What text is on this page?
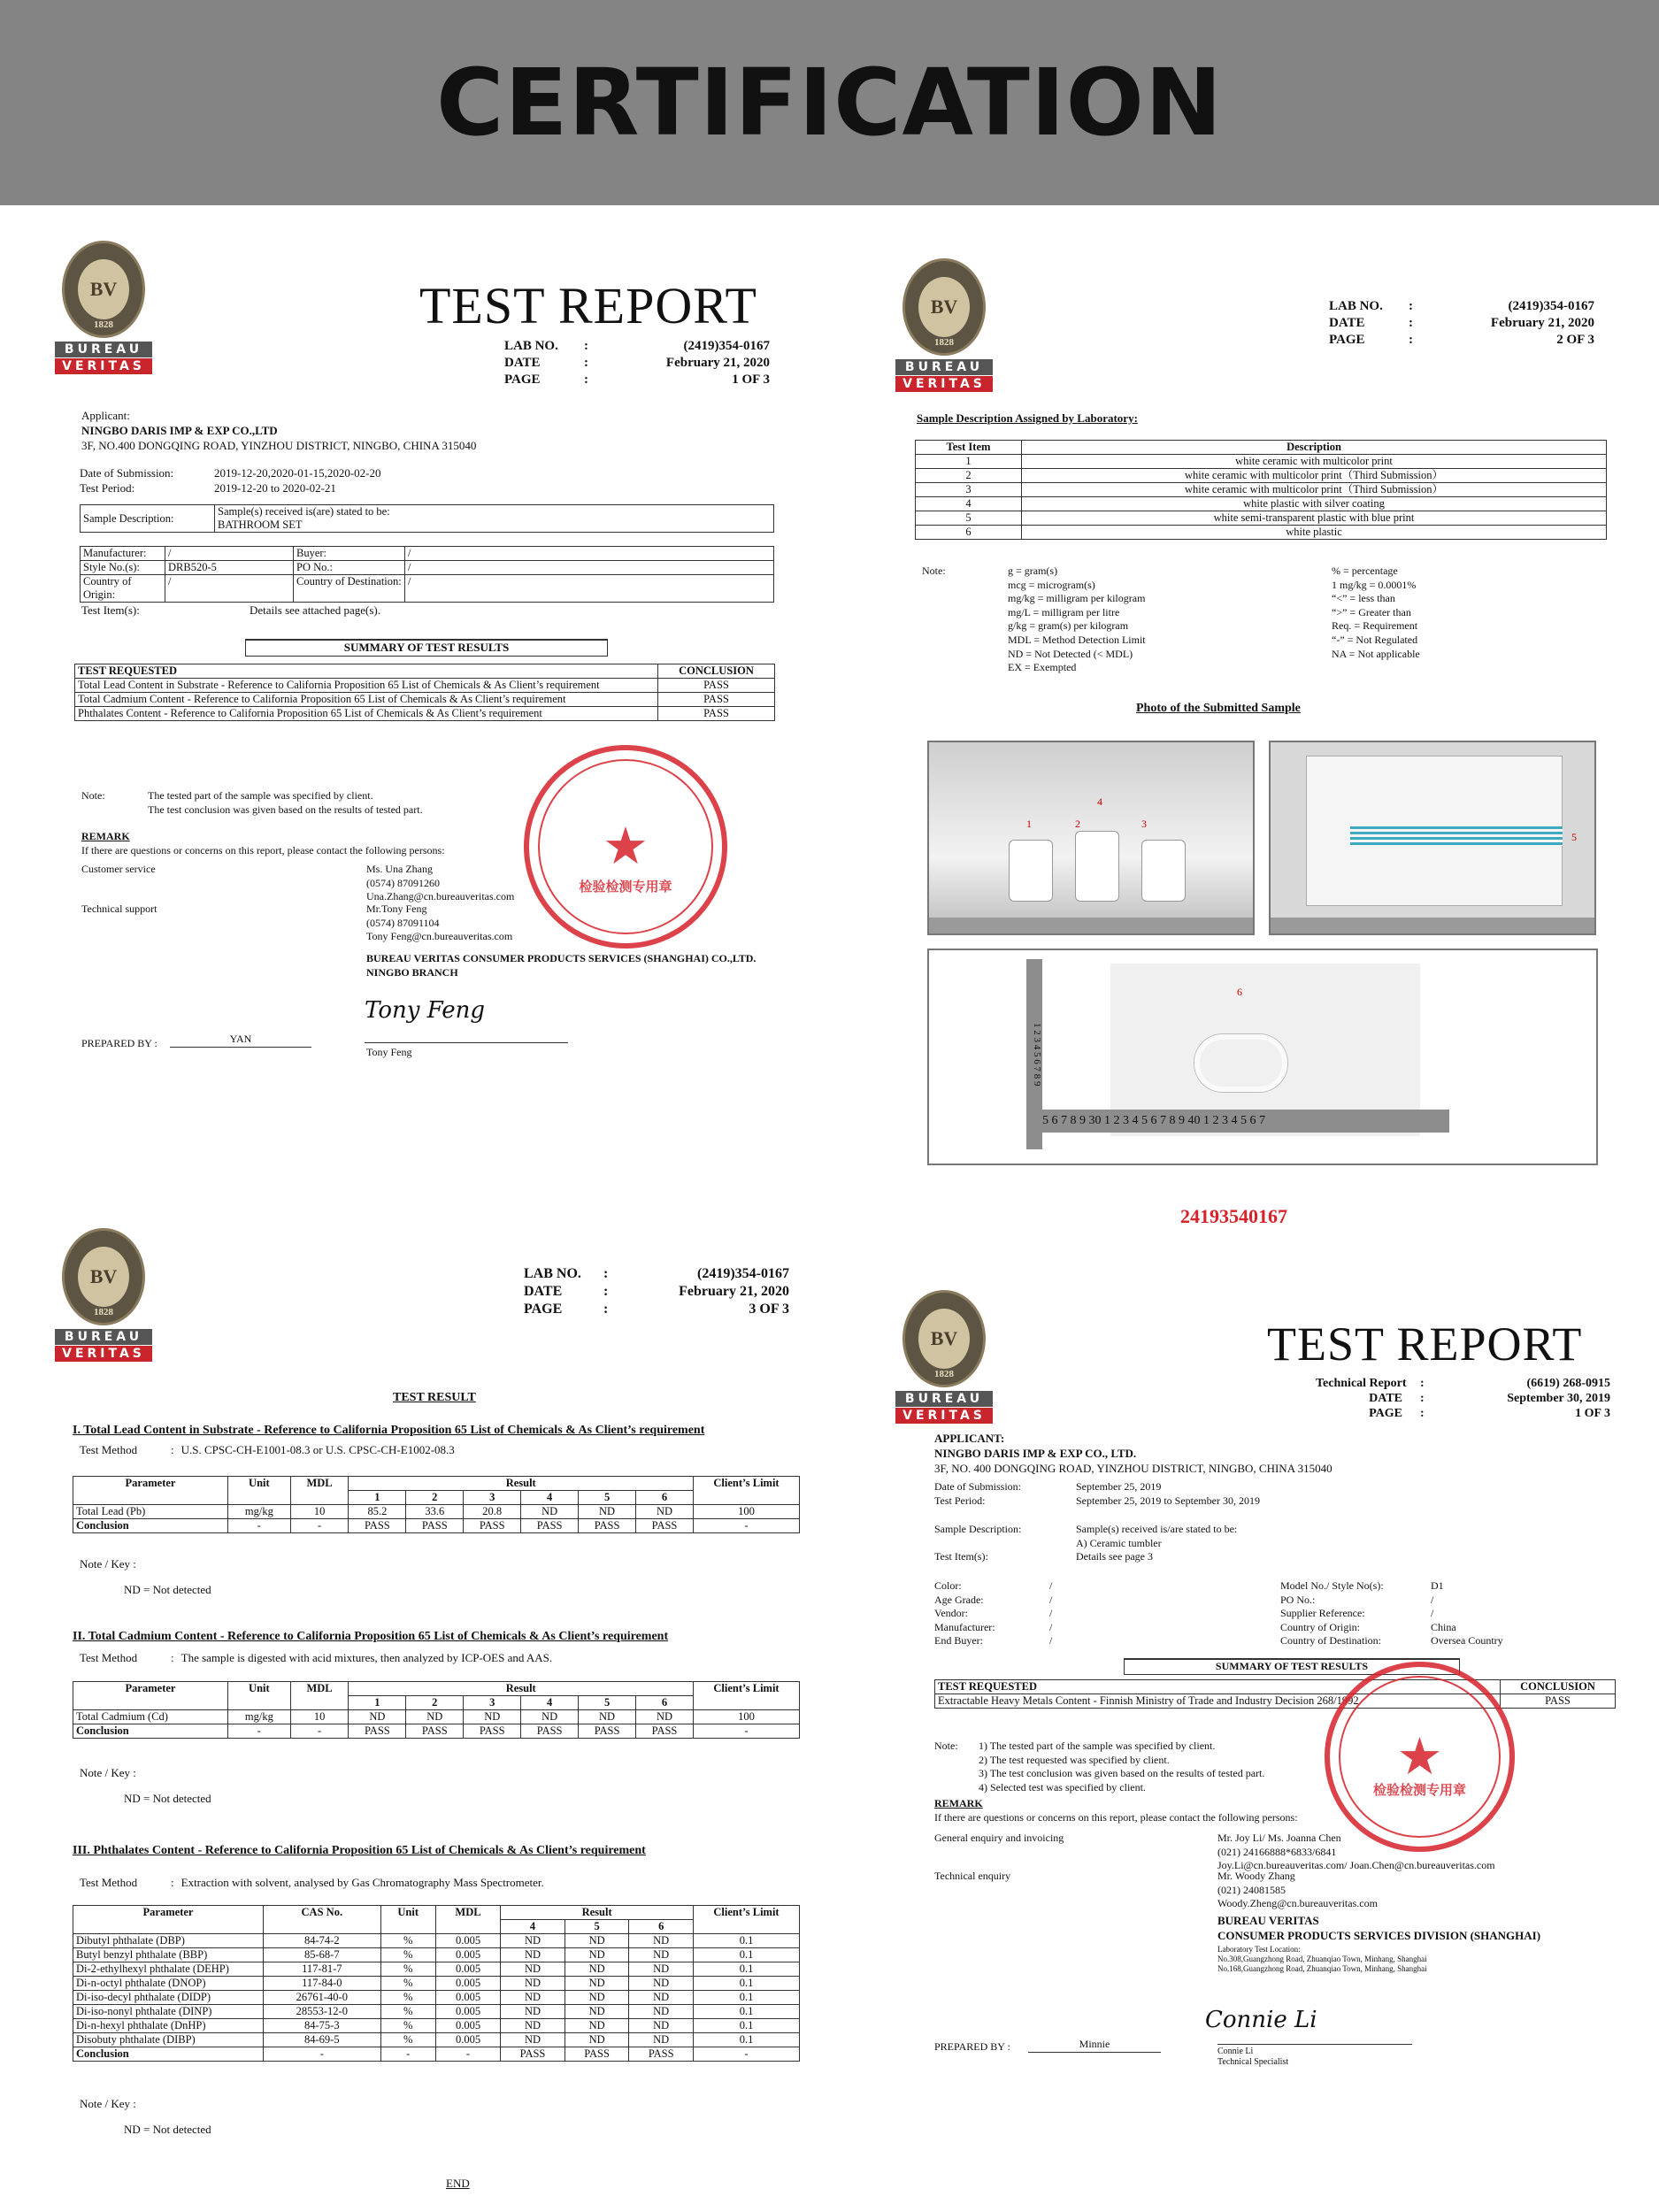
CERTIFICATION
BV
1828
BUREAU
VERITAS
TEST REPORT
LAB NO.	:	(2419)354-0167
DATE	:	February 21, 2020
PAGE	:	1 OF 3
Applicant:
NINGBO DARIS IMP & EXP CO.,LTD
3F, NO.400 DONGQING ROAD, YINZHOU DISTRICT, NINGBO, CHINA 315040
Date of Submission:	2019-12-20,2020-01-15,2020-02-20
Test Period:	2019-12-20 to 2020-02-21
Sample Description:	
Sample(s) received is(are) stated to be:
BATHROOM SET
Manufacturer:	/	Buyer:	/
Style No.(s):	DRB520-5	PO No.:	/
Country of Origin:	/	Country of Destination:	/
Test Item(s):	Details see attached page(s).
SUMMARY OF TEST RESULTS
TEST REQUESTED	CONCLUSION
Total Lead Content in Substrate - Reference to California Proposition 65 List of Chemicals & As Client’s requirement	PASS
Total Cadmium Content - Reference to California Proposition 65 List of Chemicals & As Client’s requirement	PASS
Phthalates Content - Reference to California Proposition 65 List of Chemicals & As Client’s requirement	PASS
Note:	The tested part of the sample was specified by client.
The test conclusion was given based on the results of tested part.
REMARK
If there are questions or concerns on this report, please contact the following persons:
Customer service	Ms. Una Zhang
(0574) 87091260
Una.Zhang@cn.bureauveritas.com
Technical support	Mr.Tony Feng
(0574) 87091104
Tony Feng@cn.bureauveritas.com
BUREAU VERITAS CONSUMER PRODUCTS SERVICES (SHANGHAI) CO.,LTD.
NINGBO BRANCH
Tony Feng
PREPARED BY :	YAN
Tony Feng
★
检验检测专用章
BV
1828
BUREAU
VERITAS
LAB NO.	:	(2419)354-0167
DATE	:	February 21, 2020
PAGE	:	2 OF 3
Sample Description Assigned by Laboratory:
Test Item	Description
1	white ceramic with multicolor print
2	white ceramic with multicolor print（Third Submission）
3	white ceramic with multicolor print（Third Submission）
4	white plastic with silver coating
5	white semi-transparent plastic with blue print
6	white plastic
Note:	g = gram(s)
mcg = microgram(s)
mg/kg = milligram per kilogram
mg/L = milligram per litre
g/kg = gram(s) per kilogram
MDL = Method Detection Limit
ND = Not Detected (< MDL)
EX = Exempted
% = percentage
1 mg/kg = 0.0001%
“<” = less than
“>” = Greater than
Req. = Requirement
“-” = Not Regulated
NA = Not applicable
Photo of the Submitted Sample
4
2	3
1
5
1 2 3 4 5 6 7 8 9
5 6 7 8 9 30 1 2 3 4 5 6 7 8 9 40 1 2 3 4 5 6 7
6
24193540167
BV
1828
BUREAU
VERITAS
LAB NO.	:	(2419)354-0167
DATE	:	February 21, 2020
PAGE	:	3 OF 3
TEST RESULT
I. Total Lead Content in Substrate - Reference to California Proposition 65 List of Chemicals & As Client’s requirement
Test Method	: U.S. CPSC-CH-E1001-08.3 or U.S. CPSC-CH-E1002-08.3
Parameter	Unit	MDL	Result						Client’s Limit
			1	2	3	4	5	6	
Total Lead (Pb)	mg/kg	10	85.2	33.6	20.8	ND	ND	ND	100
Conclusion	-	-	PASS	PASS	PASS	PASS	PASS	PASS	-
Note / Key :
ND = Not detected
II. Total Cadmium Content - Reference to California Proposition 65 List of Chemicals & As Client’s requirement
Test Method	: The sample is digested with acid mixtures, then analyzed by ICP-OES and AAS.
Parameter	Unit	MDL	Result						Client’s Limit
			1	2	3	4	5	6	
Total Cadmium (Cd)	mg/kg	10	ND	ND	ND	ND	ND	ND	100
Conclusion	-	-	PASS	PASS	PASS	PASS	PASS	PASS	-
Note / Key :
ND = Not detected
III. Phthalates Content - Reference to California Proposition 65 List of Chemicals & As Client’s requirement
Test Method	: Extraction with solvent, analysed by Gas Chromatography Mass Spectrometer.
Parameter	CAS No.	Unit	MDL	Result			Client’s Limit
				4	5	6	
Dibutyl phthalate (DBP)	84-74-2	%	0.005	ND	ND	ND	0.1
Butyl benzyl phthalate (BBP)	85-68-7	%	0.005	ND	ND	ND	0.1
Di-2-ethylhexyl phthalate (DEHP)	117-81-7	%	0.005	ND	ND	ND	0.1
Di-n-octyl phthalate (DNOP)	117-84-0	%	0.005	ND	ND	ND	0.1
Di-iso-decyl phthalate (DIDP)	26761-40-0	%	0.005	ND	ND	ND	0.1
Di-iso-nonyl phthalate (DINP)	28553-12-0	%	0.005	ND	ND	ND	0.1
Di-n-hexyl phthalate (DnHP)	84-75-3	%	0.005	ND	ND	ND	0.1
Disobuty phthalate (DIBP)	84-69-5	%	0.005	ND	ND	ND	0.1
Conclusion	-	-	-	PASS	PASS	PASS	-
Note / Key :
ND = Not detected
END
BV
1828
BUREAU
VERITAS
TEST REPORT
Technical Report	:	(6619) 268-0915
DATE	:	September 30, 2019
PAGE	:	1 OF 3
APPLICANT:
NINGBO DARIS IMP & EXP CO., LTD.
3F, NO. 400 DONGQING ROAD, YINZHOU DISTRICT, NINGBO, CHINA 315040
Date of Submission:	September 25, 2019
Test Period:	September 25, 2019 to September 30, 2019
Sample Description:	Sample(s) received is/are stated to be:
A) Ceramic tumbler
Test Item(s):	Details see page 3
Color:	/
Age Grade:	/
Vendor:	/
Manufacturer:	/
End Buyer:	/
Model No./ Style No(s):	D1
PO No.:	/
Supplier Reference:	/
Country of Origin:	China
Country of Destination:	Oversea Country
SUMMARY OF TEST RESULTS
TEST REQUESTED	CONCLUSION
Extractable Heavy Metals Content - Finnish Ministry of Trade and Industry Decision 268/1992	PASS
Note: 1) The tested part of the sample was specified by client.
2) The test requested was specified by client.
3) The test conclusion was given based on the results of tested part.
4) Selected test was specified by client.
REMARK
If there are questions or concerns on this report, please contact the following persons:
General enquiry and invoicing	Mr. Joy Li/ Ms. Joanna Chen
(021) 24166888*6833/6841
Joy.Li@cn.bureauveritas.com/ Joan.Chen@cn.bureauveritas.com
Technical enquiry	Mr. Woody Zhang
(021) 24081585
Woody.Zheng@cn.bureauveritas.com
BUREAU VERITAS
CONSUMER PRODUCTS SERVICES DIVISION (SHANGHAI)
Laboratory Test Location:
No.308,Guangzhong Road, Zhuanqiao Town, Minhang, Shanghai
No.168,Guangzhong Road, Zhuanqiao Town, Minhang, Shanghai
Connie Li
PREPARED BY :	Minnie
Connie Li
Technical Specialist
★
检验检测专用章
